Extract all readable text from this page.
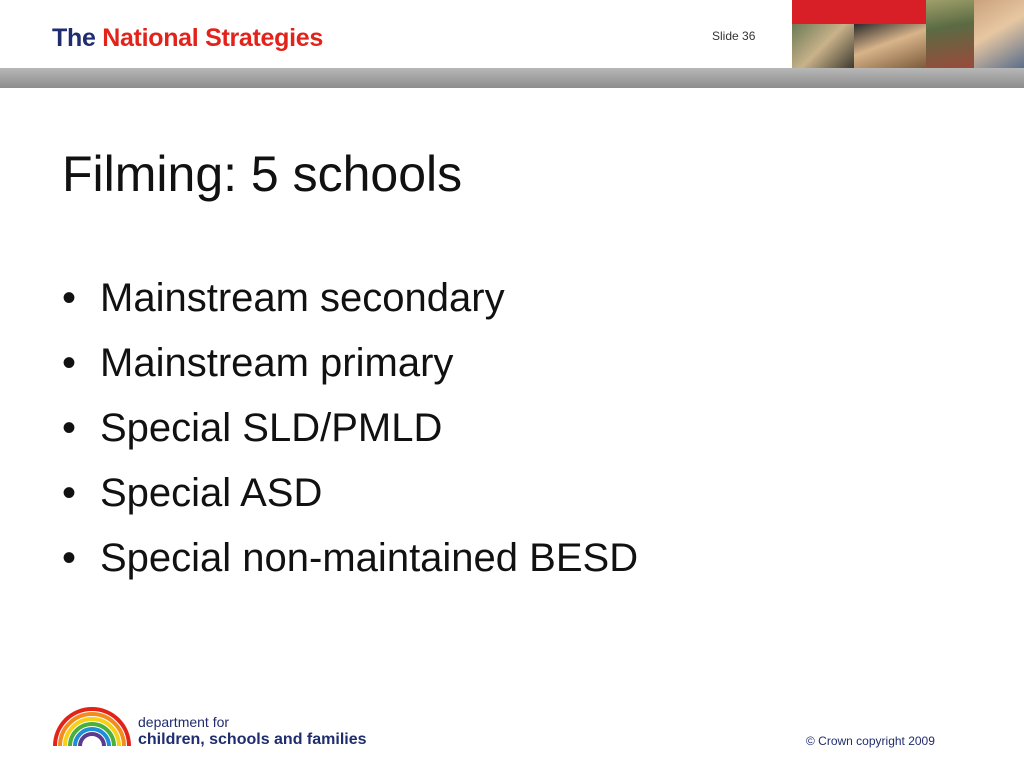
The National Strategies	Slide 36
Filming: 5 schools
• Mainstream secondary
• Mainstream primary
• Special SLD/PMLD
• Special ASD
• Special non-maintained BESD
department for
children, schools and families	© Crown copyright 2009
